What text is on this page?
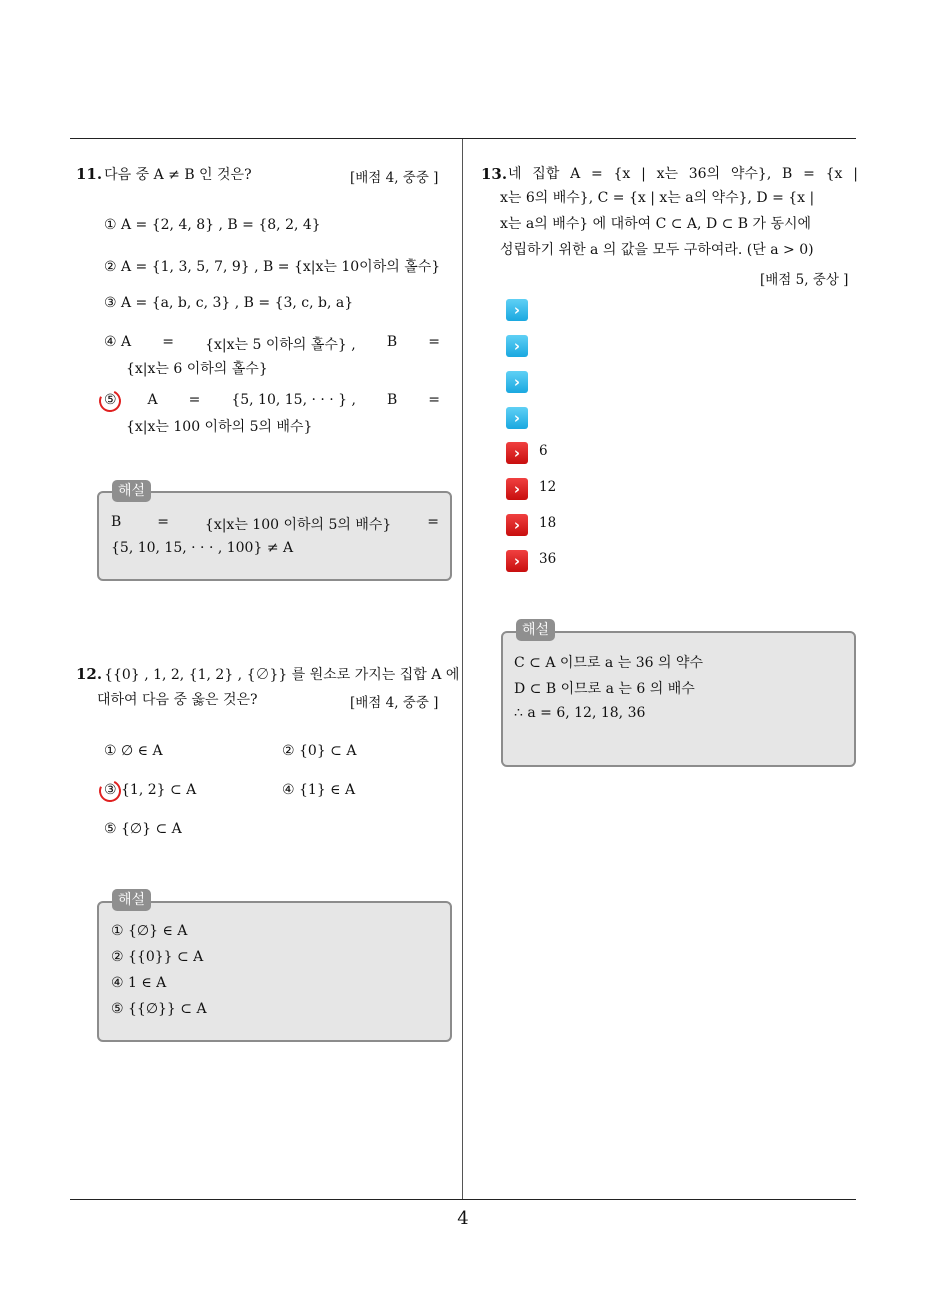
11. 다음 중 A ≠ B 인 것은?	[배점 4, 중중 ]
① A = {2, 4, 8} , B = {8, 2, 4}
② A = {1, 3, 5, 7, 9} , B = {x|x는 10이하의 홀수}
③ A = {a, b, c, 3} , B = {3, c, b, a}
④ A = {x|x는 5 이하의 홀수} , B =
{x|x는 6 이하의 홀수}
⑤ A = {5, 10, 15, · · · } , B =
{x|x는 100 이하의 5의 배수}
해설
B	=	{x|x는 100 이하의 5의 배수}	=
{5, 10, 15, · · · , 100} ≠ A
12. {{0} , 1, 2, {1, 2} , {∅}} 를 원소로 가지는 집합 A 에
대하여 다음 중 옳은 것은?	[배점 4, 중중 ]
① ∅ ∈ A	② {0} ⊂ A
③ {1, 2} ⊂ A	④ {1} ∈ A
⑤ {∅} ⊂ A
해설
① {∅} ∈ A
② {{0}} ⊂ A
④ 1 ∈ A
⑤ {{∅}} ⊂ A
13. 네 집합 A = {x | x는 36의 약수}, B = {x |
x는 6의 배수}, C = {x | x는 a의 약수}, D = {x |
x는 a의 배수} 에 대하여 C ⊂ A, D ⊂ B 가 동시에
성립하기 위한 a 의 값을 모두 구하여라. (단 a > 0)
[배점 5, 중상 ]
›
›
›
›
›	6
›	12
›	18
›	36
해설
C ⊂ A 이므로 a 는 36 의 약수
D ⊂ B 이므로 a 는 6 의 배수
∴ a = 6, 12, 18, 36
4
